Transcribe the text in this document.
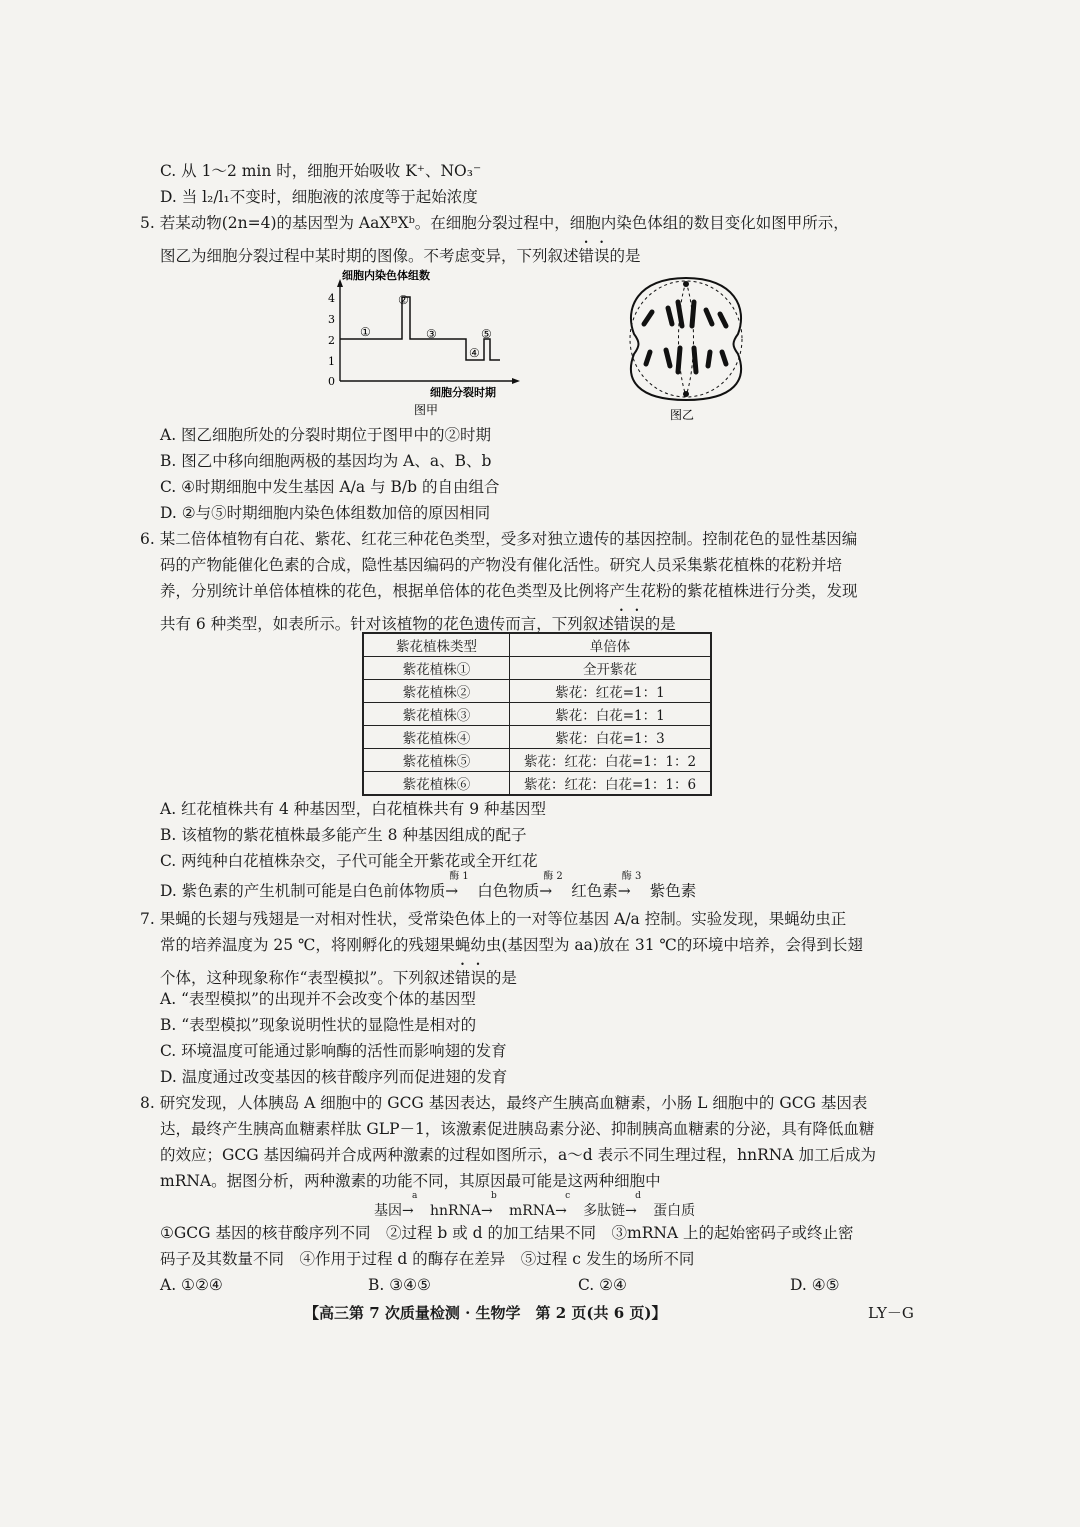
C. 从 1～2 min 时，细胞开始吸收 K⁺、NO₃⁻
D. 当 l₂/l₁不变时，细胞液的浓度等于起始浓度
5. 若某动物(2n=4)的基因型为 AaXᴮXᵇ。在细胞分裂过程中，细胞内染色体组的数目变化如图甲所示，
图乙为细胞分裂过程中某时期的图像。不考虑变异，下列叙述错误的是
细胞内染色体组数
4
3
2
1
0
①
②
③
④
⑤
细胞分裂时期
图甲	图乙
A. 图乙细胞所处的分裂时期位于图甲中的②时期
B. 图乙中移向细胞两极的基因均为 A、a、B、b
C. ④时期细胞中发生基因 A/a 与 B/b 的自由组合
D. ②与⑤时期细胞内染色体组数加倍的原因相同
6. 某二倍体植物有白花、紫花、红花三种花色类型，受多对独立遗传的基因控制。控制花色的显性基因编
码的产物能催化色素的合成，隐性基因编码的产物没有催化活性。研究人员采集紫花植株的花粉并培
养，分别统计单倍体植株的花色，根据单倍体的花色类型及比例将产生花粉的紫花植株进行分类，发现
共有 6 种类型，如表所示。针对该植物的花色遗传而言，下列叙述错误的是
紫花植株类型	单倍体
紫花植株①	全开紫花
紫花植株②	紫花：红花=1：1
紫花植株③	紫花：白花=1：1
紫花植株④	紫花：白花=1：3
紫花植株⑤	紫花：红花：白花=1：1：2
紫花植株⑥	紫花：红花：白花=1：1：6
A. 红花植株共有 4 种基因型，白花植株共有 9 种基因型
B. 该植物的紫花植株最多能产生 8 种基因组成的配子
C. 两纯种白花植株杂交，子代可能全开紫花或全开红花
D. 紫色素的产生机制可能是白色前体物质
酶 1
→ 白色物质
酶 2
→ 红色素
酶 3
→ 紫色素
7. 果蝇的长翅与残翅是一对相对性状，受常染色体上的一对等位基因 A/a 控制。实验发现，果蝇幼虫正
常的培养温度为 25 ℃，将刚孵化的残翅果蝇幼虫(基因型为 aa)放在 31 ℃的环境中培养，会得到长翅
个体，这种现象称作“表型模拟”。下列叙述错误的是
A. “表型模拟”的出现并不会改变个体的基因型
B. “表型模拟”现象说明性状的显隐性是相对的
C. 环境温度可能通过影响酶的活性而影响翅的发育
D. 温度通过改变基因的核苷酸序列而促进翅的发育
8. 研究发现，人体胰岛 A 细胞中的 GCG 基因表达，最终产生胰高血糖素，小肠 L 细胞中的 GCG 基因表
达，最终产生胰高血糖素样肽 GLP－1，该激素促进胰岛素分泌、抑制胰高血糖素的分泌，具有降低血糖
的效应；GCG 基因编码并合成两种激素的过程如图所示，a～d 表示不同生理过程，hnRNA 加工后成为
mRNA。据图分析，两种激素的功能不同，其原因最可能是这两种细胞中
基因
a
→ hnRNA
b
→ mRNA
c
→ 多肽链
d
→ 蛋白质
①GCG 基因的核苷酸序列不同　②过程 b 或 d 的加工结果不同　③mRNA 上的起始密码子或终止密
码子及其数量不同　④作用于过程 d 的酶存在差异　⑤过程 c 发生的场所不同
A. ①②④	B. ③④⑤	C. ②④	D. ④⑤
【高三第 7 次质量检测 · 生物学　第 2 页(共 6 页)】	LY－G
